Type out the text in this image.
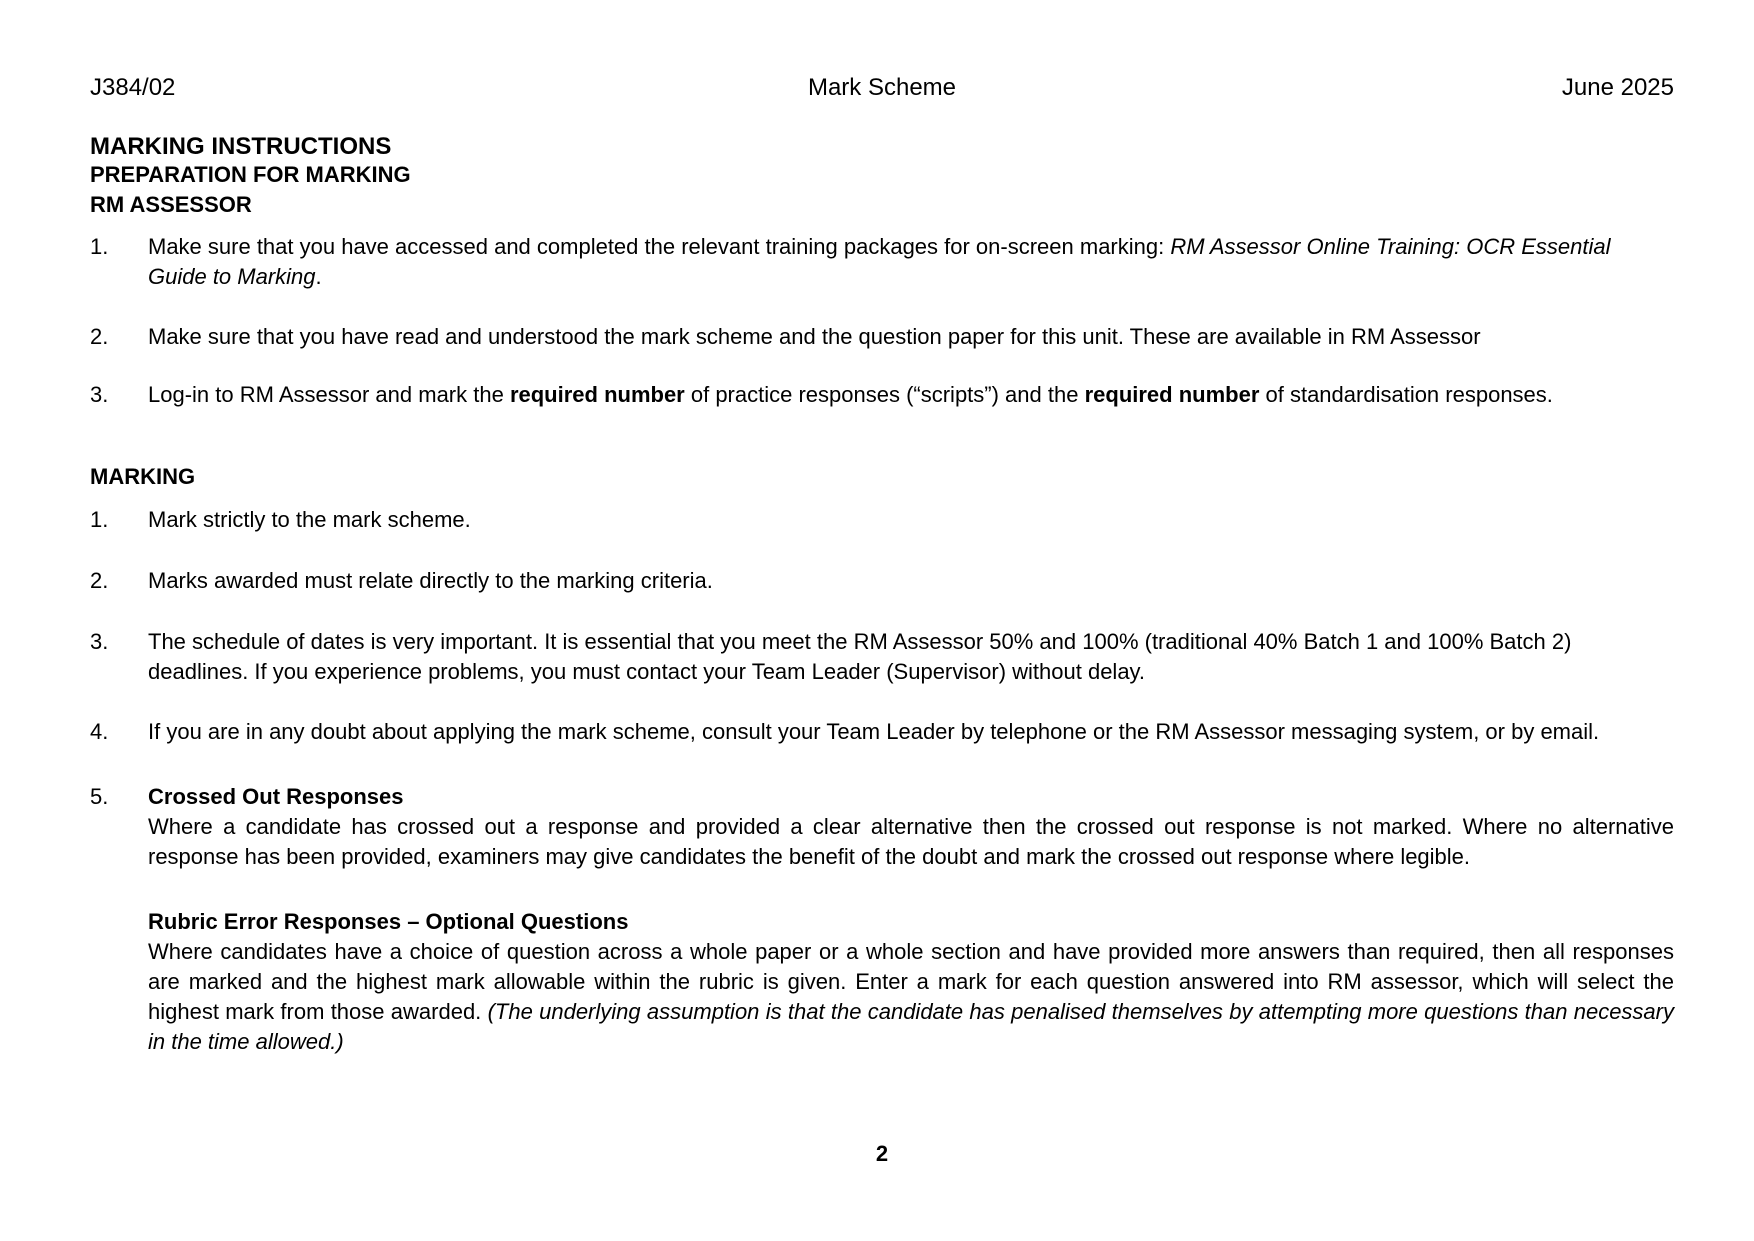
J384/02	Mark Scheme	June 2025
MARKING INSTRUCTIONS
PREPARATION FOR MARKING
RM ASSESSOR
1. Make sure that you have accessed and completed the relevant training packages for on-screen marking: RM Assessor Online Training: OCR Essential Guide to Marking.
2. Make sure that you have read and understood the mark scheme and the question paper for this unit. These are available in RM Assessor
3. Log-in to RM Assessor and mark the required number of practice responses (“scripts”) and the required number of standardisation responses.
MARKING
1. Mark strictly to the mark scheme.
2. Marks awarded must relate directly to the marking criteria.
3. The schedule of dates is very important. It is essential that you meet the RM Assessor 50% and 100% (traditional 40% Batch 1 and 100% Batch 2) deadlines. If you experience problems, you must contact your Team Leader (Supervisor) without delay.
4. If you are in any doubt about applying the mark scheme, consult your Team Leader by telephone or the RM Assessor messaging system, or by email.
5. Crossed Out Responses
Where a candidate has crossed out a response and provided a clear alternative then the crossed out response is not marked. Where no alternative response has been provided, examiners may give candidates the benefit of the doubt and mark the crossed out response where legible.
Rubric Error Responses – Optional Questions
Where candidates have a choice of question across a whole paper or a whole section and have provided more answers than required, then all responses are marked and the highest mark allowable within the rubric is given. Enter a mark for each question answered into RM assessor, which will select the highest mark from those awarded. (The underlying assumption is that the candidate has penalised themselves by attempting more questions than necessary in the time allowed.)
2
